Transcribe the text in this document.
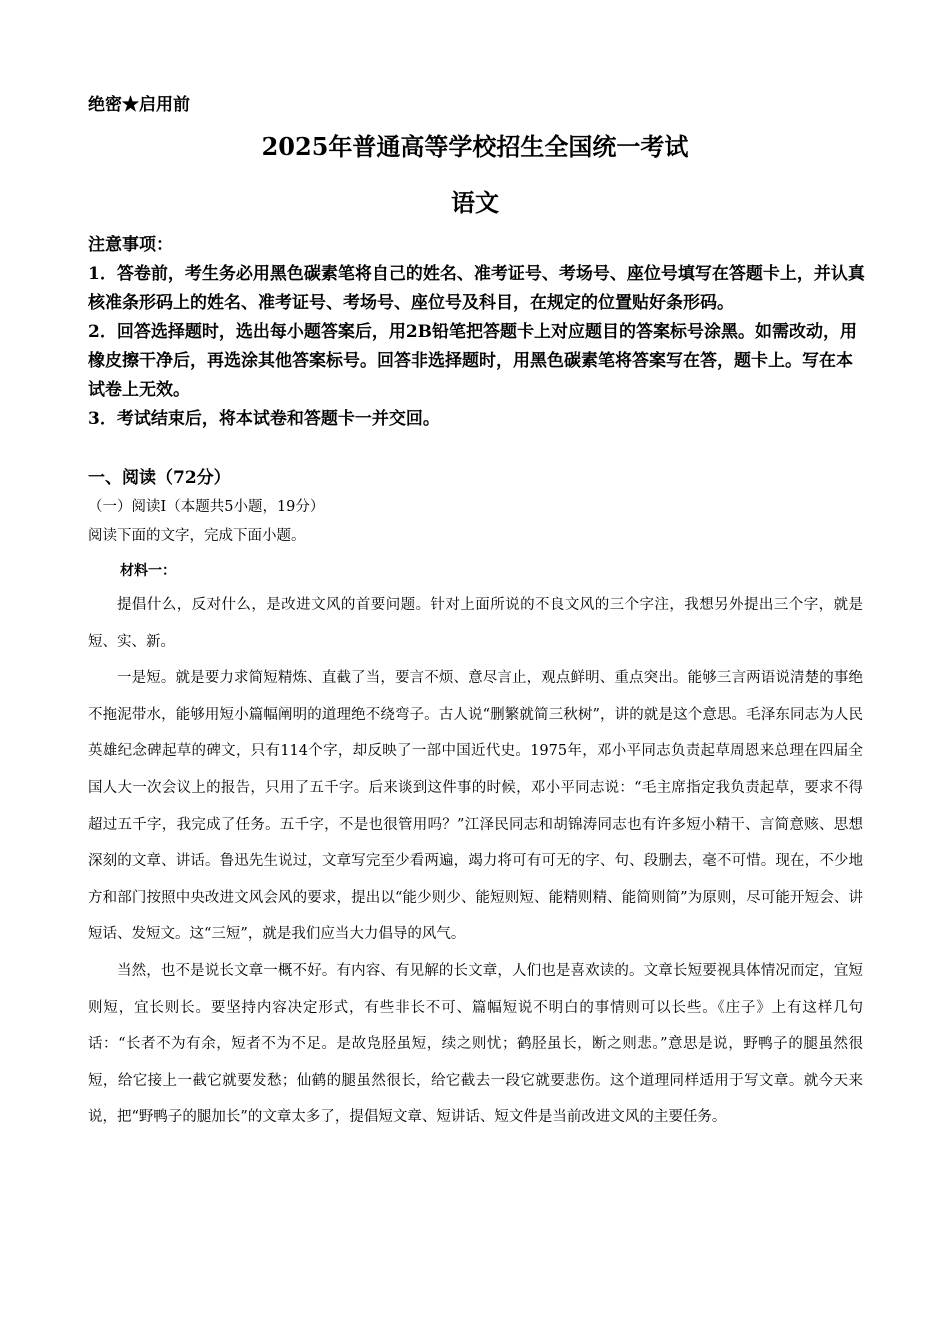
绝密★启用前
2025年普通高等学校招生全国统一考试
语文

注意事项：

1．答卷前，考生务必用黑色碳素笔将自己的姓名、准考证号、考场号、座位号填写在答题卡上，并认真核准条形码上的姓名、准考证号、考场号、座位号及科目，在规定的位置贴好条形码。

2．回答选择题时，选出每小题答案后，用2B铅笔把答题卡上对应题目的答案标号涂黑。如需改动，用橡皮擦干净后，再选涂其他答案标号。回答非选择题时，用黑色碳素笔将答案写在答，题卡上。写在本试卷上无效。

3．考试结束后，将本试卷和答题卡一并交回。

一、阅读（72分）
（一）阅读I（本题共5小题，19分）
阅读下面的文字，完成下面小题。
材料一：

提倡什么，反对什么，是改进文风的首要问题。针对上面所说的不良文风的三个字注，我想另外提出三个字，就是短、实、新。

一是短。就是要力求简短精炼、直截了当，要言不烦、意尽言止，观点鲜明、重点突出。能够三言两语说清楚的事绝不拖泥带水，能够用短小篇幅阐明的道理绝不绕弯子。古人说“删繁就简三秋树”，讲的就是这个意思。毛泽东同志为人民英雄纪念碑起草的碑文，只有114个字，却反映了一部中国近代史。1975年，邓小平同志负责起草周恩来总理在四届全国人大一次会议上的报告，只用了五千字。后来谈到这件事的时候，邓小平同志说：“毛主席指定我负责起草，要求不得超过五千字，我完成了任务。五千字，不是也很管用吗？”江泽民同志和胡锦涛同志也有许多短小精干、言简意赅、思想深刻的文章、讲话。鲁迅先生说过，文章写完至少看两遍，竭力将可有可无的字、句、段删去，毫不可惜。现在，不少地方和部门按照中央改进文风会风的要求，提出以“能少则少、能短则短、能精则精、能简则简”为原则，尽可能开短会、讲短话、发短文。这“三短”，就是我们应当大力倡导的风气。

当然，也不是说长文章一概不好。有内容、有见解的长文章，人们也是喜欢读的。文章长短要视具体情况而定，宜短则短，宜长则长。要坚持内容决定形式，有些非长不可、篇幅短说不明白的事情则可以长些。《庄子》上有这样几句话：“长者不为有余，短者不为不足。是故凫胫虽短，续之则忧；鹤胫虽长，断之则悲。”意思是说，野鸭子的腿虽然很短，给它接上一截它就要发愁；仙鹤的腿虽然很长，给它截去一段它就要悲伤。这个道理同样适用于写文章。就今天来说，把“野鸭子的腿加长”的文章太多了，提倡短文章、短讲话、短文件是当前改进文风的主要任务。
